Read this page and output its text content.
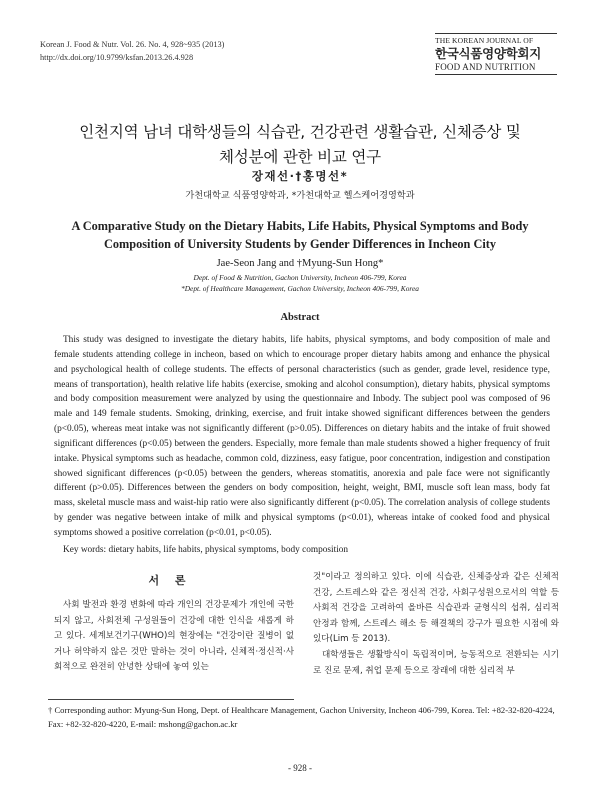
Korean J. Food & Nutr. Vol. 26. No. 4, 928~935 (2013)
http://dx.doi.org/10.9799/ksfan.2013.26.4.928
THE KOREAN JOURNAL OF
한국식품영양학회지
FOOD AND NUTRITION
인천지역 남녀 대학생들의 식습관, 건강관련 생활습관, 신체증상 및
체성분에 관한 비교 연구
장재선·†홍명선*
가천대학교 식품영양학과, *가천대학교 헬스케어경영학과
A Comparative Study on the Dietary Habits, Life Habits, Physical Symptoms and Body Composition of University Students by Gender Differences in Incheon City
Jae-Seon Jang and †Myung-Sun Hong*
Dept. of Food & Nutrition, Gachon University, Incheon 406-799, Korea
*Dept. of Healthcare Management, Gachon University, Incheon 406-799, Korea
Abstract
This study was designed to investigate the dietary habits, life habits, physical symptoms, and body composition of male and female students attending college in incheon, based on which to encourage proper dietary habits among and enhance the physical and psychological health of college students. The effects of personal characteristics (such as gender, grade level, residence type, means of transportation), health relative life habits (exercise, smoking and alcohol consumption), dietary habits, physical symptoms and body composition measurement were analyzed by using the questionnaire and Inbody. The subject pool was composed of 96 male and 149 female students. Smoking, drinking, exercise, and fruit intake showed significant differences between the genders (p<0.05), whereas meat intake was not significantly different (p>0.05). Differences on dietary habits and the intake of fruit showed significant differences (p<0.05) between the genders. Especially, more female than male students showed a higher frequency of fruit intake. Physical symptoms such as headache, common cold, dizziness, easy fatigue, poor concentration, indigestion and constipation showed significant differences (p<0.05) between the genders, whereas stomatitis, anorexia and pale face were not significantly different (p>0.05). Differences between the genders on body composition, height, weight, BMI, muscle soft lean mass, body fat mass, skeletal muscle mass and waist-hip ratio were also significantly different (p<0.05). The correlation analysis of college students by gender was negative between intake of milk and physical symptoms (p<0.01), whereas intake of cooked food and physical symptoms showed a positive correlation (p<0.01, p<0.05).
Key words: dietary habits, life habits, physical symptoms, body composition
서 론

사회 발전과 환경 변화에 따라 개인의 건강문제가 개인에 국한되지 않고, 사회전체 구성원들이 건강에 대한 인식을 새롭게 하고 있다. 세계보건기구(WHO)의 현장에는 "건강이란 질병이 없거나 허약하지 않은 것만 말하는 것이 아니라, 신체적·정신적·사회적으로 완전히 안녕한 상태에 놓여 있는

것"이라고 정의하고 있다. 이에 식습관, 신체증상과 같은 신체적 건강, 스트레스와 같은 정신적 건강, 사회구성원으로서의 역할 등 사회적 건강을 고려하여 올바른 식습관과 균형식의 섭취, 심리적 안정과 함께, 스트레스 해소 등 해결책의 강구가 필요한 시점에 와 있다(Lim 등 2013).

대학생들은 생활방식이 독립적이며, 능동적으로 전환되는 시기로 진로 문제, 취업 문제 등으로 장래에 대한 심리적 부

† Corresponding author: Myung-Sun Hong, Dept. of Healthcare Management, Gachon University, Incheon 406-799, Korea. Tel: +82-32-820-4224, Fax: +82-32-820-4220, E-mail: mshong@gachon.ac.kr
- 928 -
